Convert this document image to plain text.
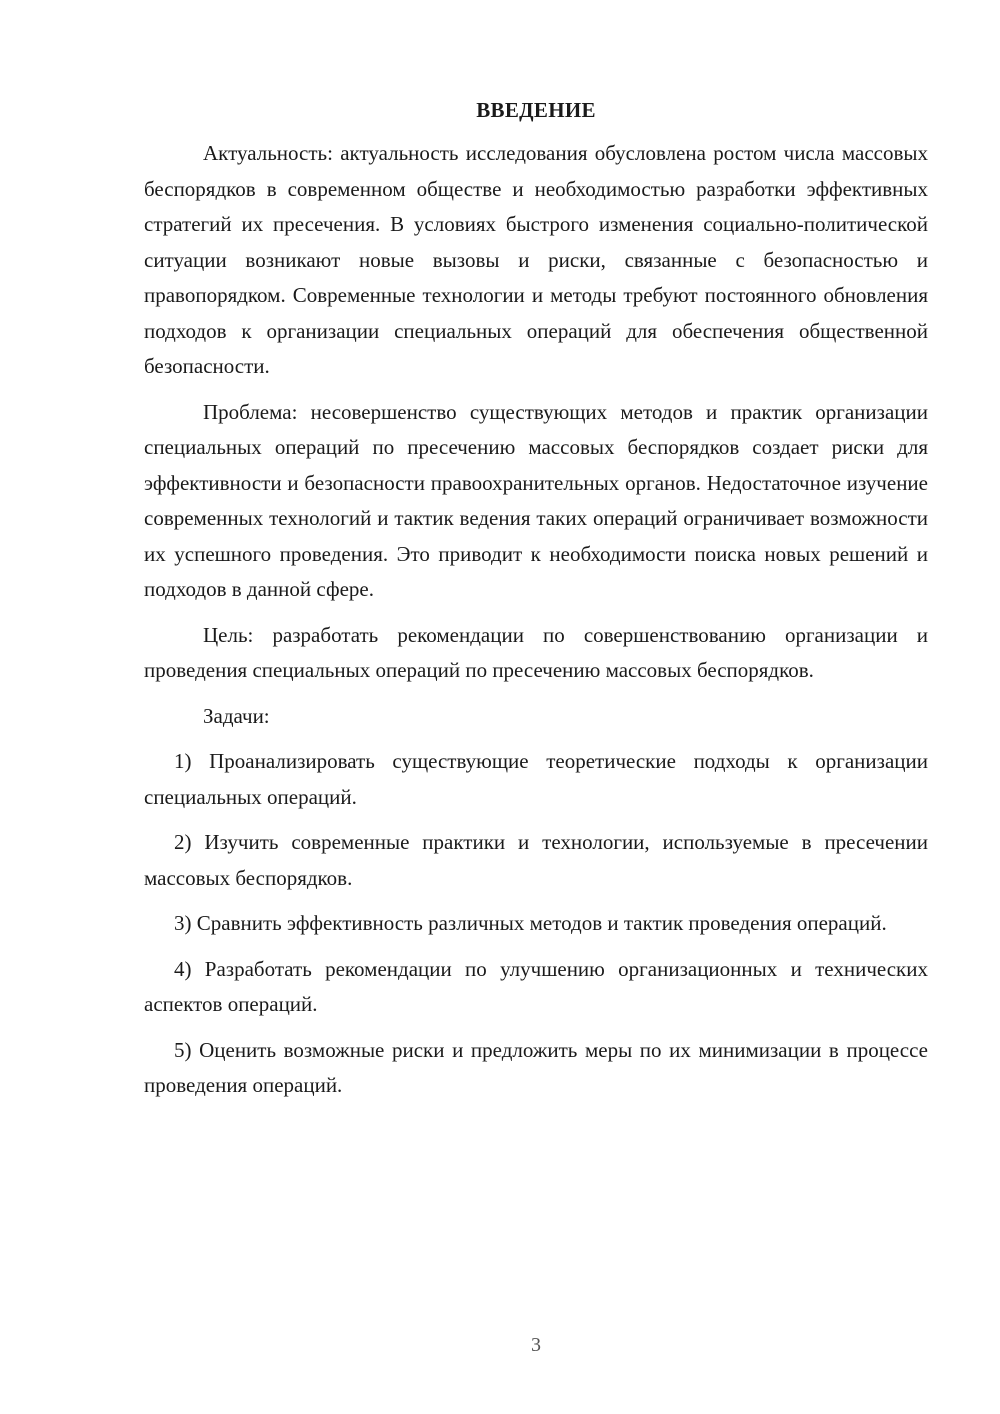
ВВЕДЕНИЕ

Актуальность: актуальность исследования обусловлена ростом числа массовых беспорядков в современном обществе и необходимостью разработки эффективных стратегий их пресечения. В условиях быстрого изменения социально-политической ситуации возникают новые вызовы и риски, связанные с безопасностью и правопорядком. Современные технологии и методы требуют постоянного обновления подходов к организации специальных операций для обеспечения общественной безопасности.

Проблема: несовершенство существующих методов и практик организации специальных операций по пресечению массовых беспорядков создает риски для эффективности и безопасности правоохранительных органов. Недостаточное изучение современных технологий и тактик ведения таких операций ограничивает возможности их успешного проведения. Это приводит к необходимости поиска новых решений и подходов в данной сфере.

Цель: разработать рекомендации по совершенствованию организации и проведения специальных операций по пресечению массовых беспорядков.

Задачи:

1) Проанализировать существующие теоретические подходы к организации специальных операций.

2) Изучить современные практики и технологии, используемые в пресечении массовых беспорядков.

3) Сравнить эффективность различных методов и тактик проведения операций.

4) Разработать рекомендации по улучшению организационных и технических аспектов операций.

5) Оценить возможные риски и предложить меры по их минимизации в процессе проведения операций.

3
